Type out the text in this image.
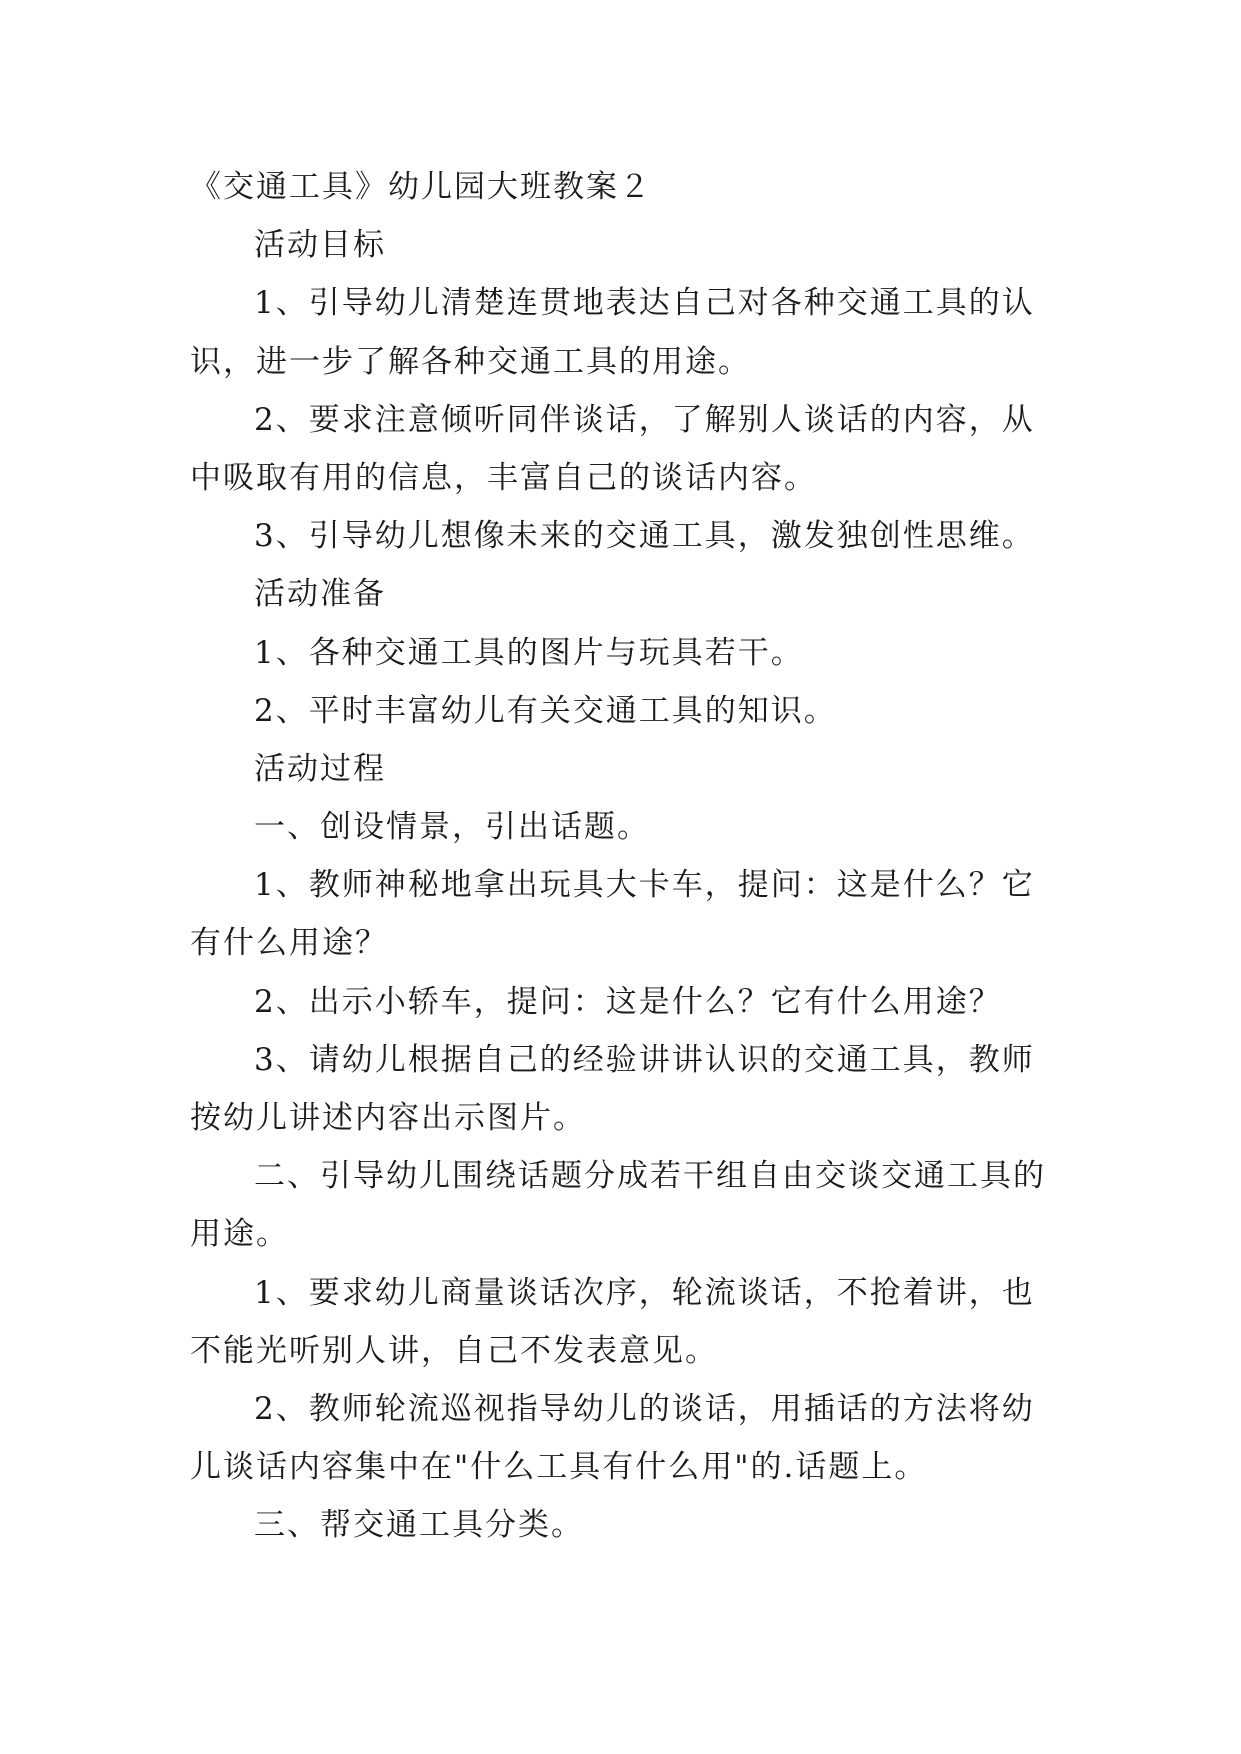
《交通工具》幼儿园大班教案２
活动目标
1、引导幼儿清楚连贯地表达自己对各种交通工具的认
识，进一步了解各种交通工具的用途。
2、要求注意倾听同伴谈话，了解别人谈话的内容，从
中吸取有用的信息，丰富自己的谈话内容。
3、引导幼儿想像未来的交通工具，激发独创性思维。
活动准备
1、各种交通工具的图片与玩具若干。
2、平时丰富幼儿有关交通工具的知识。
活动过程
一、创设情景，引出话题。
1、教师神秘地拿出玩具大卡车，提问：这是什么？它
有什么用途？
2、出示小轿车，提问：这是什么？它有什么用途？
3、请幼儿根据自己的经验讲讲认识的交通工具，教师
按幼儿讲述内容出示图片。
二、引导幼儿围绕话题分成若干组自由交谈交通工具的
用途。
1、要求幼儿商量谈话次序，轮流谈话，不抢着讲，也
不能光听别人讲，自己不发表意见。
2、教师轮流巡视指导幼儿的谈话，用插话的方法将幼
儿谈话内容集中在"什么工具有什么用"的.话题上。
三、帮交通工具分类。
